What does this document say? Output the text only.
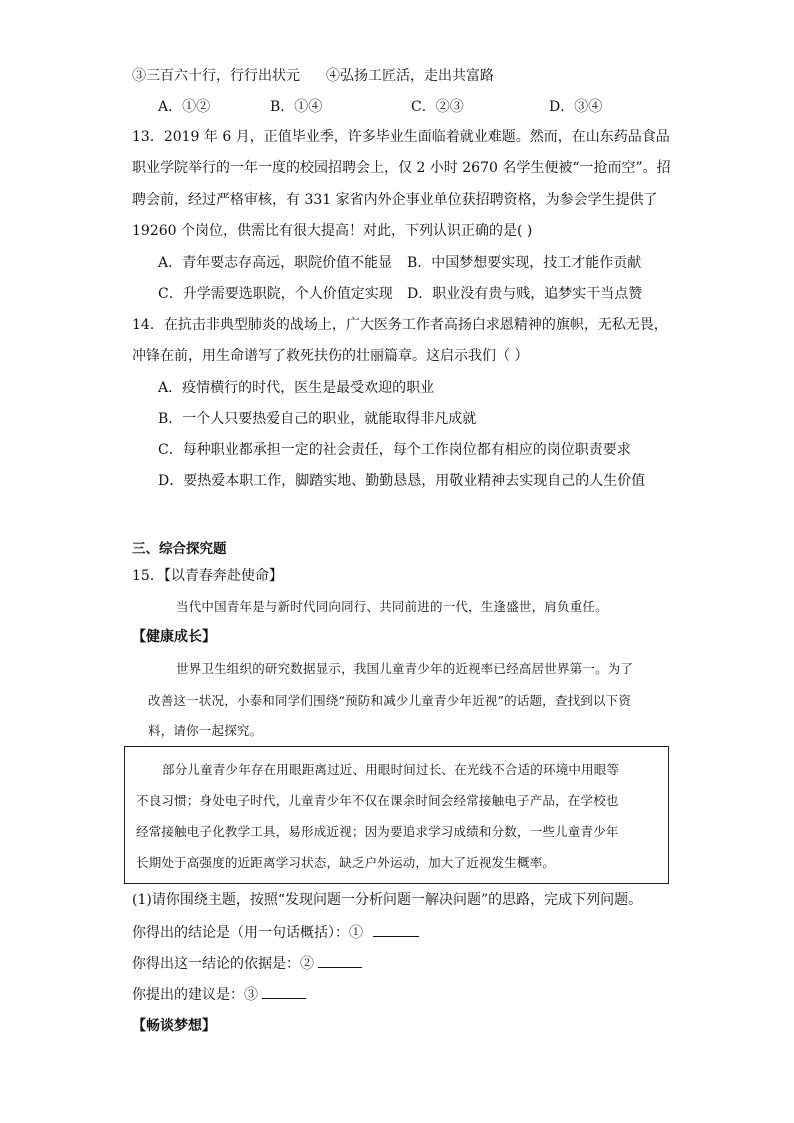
③三百六十行，行行出状元 ④弘扬工匠活，走出共富路
A．①②	B．①④	C．②③	D．③④
13．2019 年 6 月，正值毕业季，许多毕业生面临着就业难题。然而，在山东药品食品
职业学院举行的一年一度的校园招聘会上，仅 2 小时 2670 名学生便被“一抢而空”。招
聘会前，经过严格审核，有 331 家省内外企事业单位获招聘资格，为参会学生提供了
19260 个岗位，供需比有很大提高！对此，下列认识正确的是( )
A．青年要志存高远，职院价值不能显 B．中国梦想要实现，技工才能作贡献
C．升学需要选职院，个人价值定实现 D．职业没有贵与贱，追梦实干当点赞
14．在抗击非典型肺炎的战场上，广大医务工作者高扬白求恩精神的旗帜，无私无畏，
冲锋在前，用生命谱写了救死扶伤的壮丽篇章。这启示我们（ ）
A．疫情横行的时代，医生是最受欢迎的职业
B．一个人只要热爱自己的职业，就能取得非凡成就
C．每种职业都承担一定的社会责任，每个工作岗位都有相应的岗位职责要求
D．要热爱本职工作，脚踏实地、勤勤恳恳，用敬业精神去实现自己的人生价值
三、综合探究题
15．【以青春奔赴使命】
当代中国青年是与新时代同向同行、共同前进的一代，生逢盛世，肩负重任。
【健康成长】
世界卫生组织的研究数据显示，我国儿童青少年的近视率已经高居世界第一。为了
改善这一状况，小泰和同学们围绕“预防和减少儿童青少年近视”的话题，查找到以下资
料，请你一起探究。
部分儿童青少年存在用眼距离过近、用眼时间过长、在光线不合适的环境中用眼等
不良习惯；身处电子时代，儿童青少年不仅在课余时间会经常接触电子产品，在学校也
经常接触电子化教学工具，易形成近视；因为要追求学习成绩和分数，一些儿童青少年
长期处于高强度的近距离学习状态，缺乏户外运动，加大了近视发生概率。
(1)请你围绕主题，按照“发现问题一分析问题一解决问题”的思路，完成下列问题。
你得出的结论是（用一句话概括）：①
你得出这一结论的依据是：②
你提出的建议是：③
【畅谈梦想】
